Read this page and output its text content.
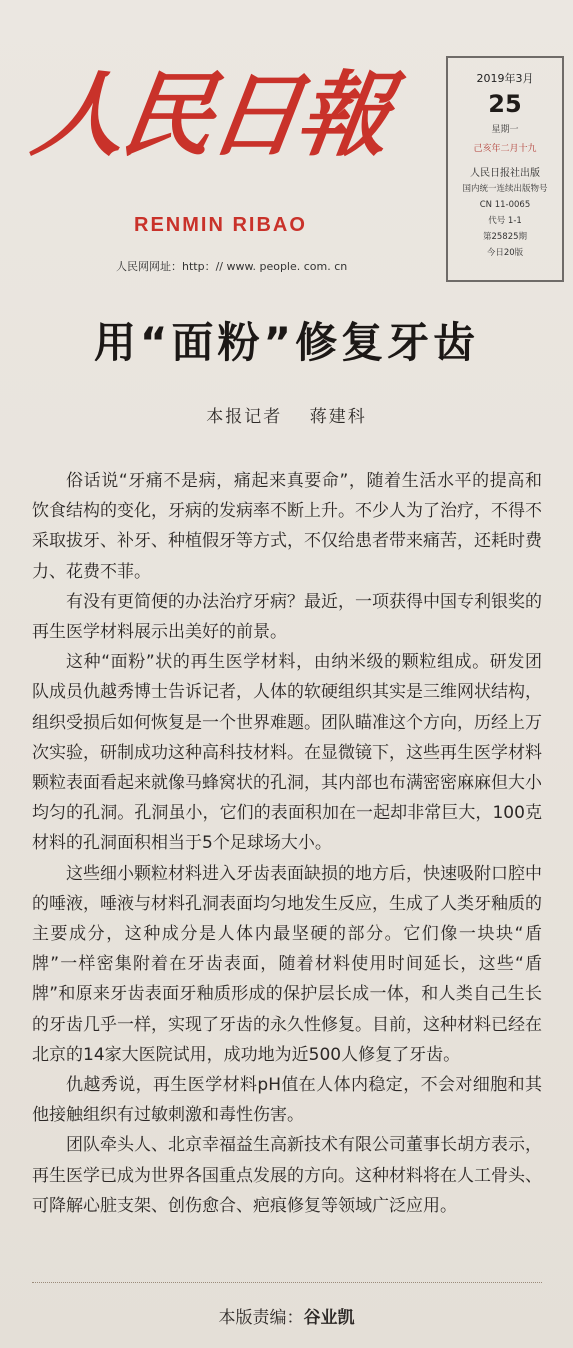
人民日報
RENMIN RIBAO
人民网网址：http：// www. people. com. cn
2019年3月
25
星期一
己亥年二月十九
人民日报社出版
国内统一连续出版物号
CN 11-0065
代号 1-1
第25825期
今日20版
用“面粉”修复牙齿
本报记者 蒋建科

俗话说“牙痛不是病，痛起来真要命”，随着生活水平的提高和饮食结构的变化，牙病的发病率不断上升。不少人为了治疗，不得不采取拔牙、补牙、种植假牙等方式，不仅给患者带来痛苦，还耗时费力、花费不菲。

有没有更简便的办法治疗牙病？最近，一项获得中国专利银奖的再生医学材料展示出美好的前景。

这种“面粉”状的再生医学材料，由纳米级的颗粒组成。研发团队成员仇越秀博士告诉记者，人体的软硬组织其实是三维网状结构，组织受损后如何恢复是一个世界难题。团队瞄准这个方向，历经上万次实验，研制成功这种高科技材料。在显微镜下，这些再生医学材料颗粒表面看起来就像马蜂窝状的孔洞，其内部也布满密密麻麻但大小均匀的孔洞。孔洞虽小，它们的表面积加在一起却非常巨大，100克材料的孔洞面积相当于5个足球场大小。

这些细小颗粒材料进入牙齿表面缺损的地方后，快速吸附口腔中的唾液，唾液与材料孔洞表面均匀地发生反应，生成了人类牙釉质的主要成分，这种成分是人体内最坚硬的部分。它们像一块块“盾牌”一样密集附着在牙齿表面，随着材料使用时间延长，这些“盾牌”和原来牙齿表面牙釉质形成的保护层长成一体，和人类自己生长的牙齿几乎一样，实现了牙齿的永久性修复。目前，这种材料已经在北京的14家大医院试用，成功地为近500人修复了牙齿。

仇越秀说，再生医学材料pH值在人体内稳定，不会对细胞和其他接触组织有过敏刺激和毒性伤害。

团队牵头人、北京幸福益生高新技术有限公司董事长胡方表示，再生医学已成为世界各国重点发展的方向。这种材料将在人工骨头、可降解心脏支架、创伤愈合、疤痕修复等领域广泛应用。

本版责编：谷业凯
